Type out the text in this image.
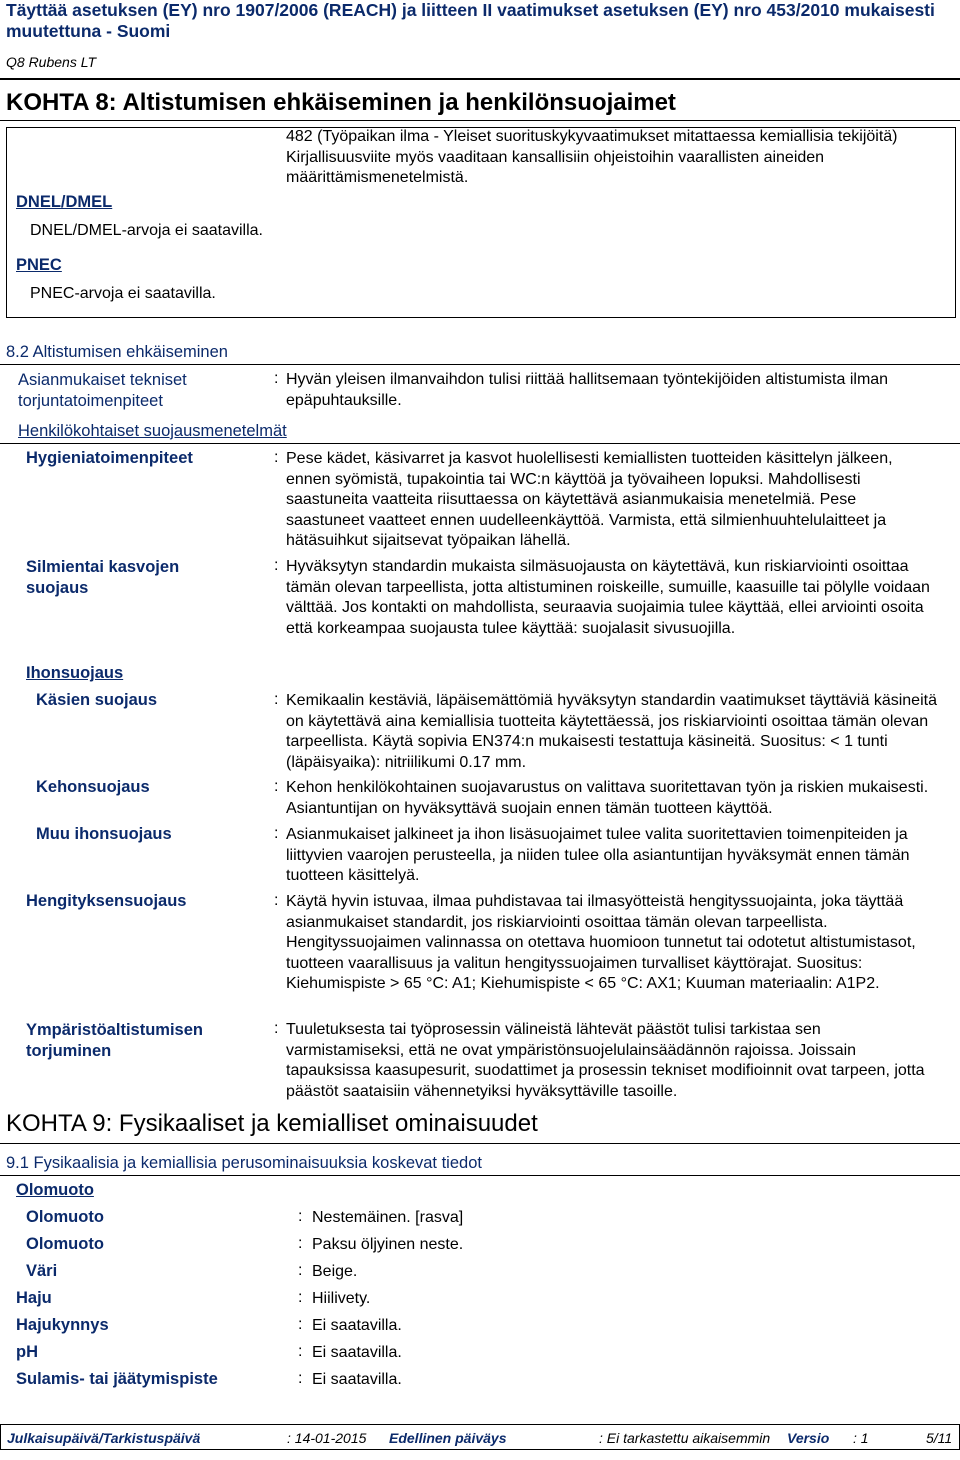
Täyttää asetuksen (EY) nro 1907/2006 (REACH) ja liitteen II vaatimukset asetuksen (EY) nro 453/2010 mukaisesti muutettuna - Suomi
Q8 Rubens LT
KOHTA 8: Altistumisen ehkäiseminen ja henkilönsuojaimet
482 (Työpaikan ilma - Yleiset suorituskykyvaatimukset mitattaessa kemiallisia tekijöitä) Kirjallisuusviite myös vaaditaan kansallisiin ohjeistoihin vaarallisten aineiden määrittämismenetelmistä.
DNEL/DMEL
DNEL/DMEL-arvoja ei saatavilla.
PNEC
PNEC-arvoja ei saatavilla.
8.2 Altistumisen ehkäiseminen
Asianmukaiset tekniset torjuntatoimenpiteet
: Hyvän yleisen ilmanvaihdon tulisi riittää hallitsemaan työntekijöiden altistumista ilman epäpuhtauksille.
Henkilökohtaiset suojausmenetelmät
Hygieniatoimenpiteet	: Pese kädet, käsivarret ja kasvot huolellisesti kemiallisten tuotteiden käsittelyn jälkeen, ennen syömistä, tupakointia tai WC:n käyttöä ja työvaiheen lopuksi. Mahdollisesti saastuneita vaatteita riisuttaessa on käytettävä asianmukaisia menetelmiä. Pese saastuneet vaatteet ennen uudelleenkäyttöä. Varmista, että silmienhuuhtelulaitteet ja hätäsuihkut sijaitsevat työpaikan lähellä.
Silmientai kasvojen suojaus
: Hyväksytyn standardin mukaista silmäsuojausta on käytettävä, kun riskiarviointi osoittaa tämän olevan tarpeellista, jotta altistuminen roiskeille, sumuille, kaasuille tai pölylle voidaan välttää. Jos kontakti on mahdollista, seuraavia suojaimia tulee käyttää, ellei arviointi osoita että korkeampaa suojausta tulee käyttää: suojalasit sivusuojilla.
Ihonsuojaus
Käsien suojaus	: Kemikaalin kestäviä, läpäisemättömiä hyväksytyn standardin vaatimukset täyttäviä käsineitä on käytettävä aina kemiallisia tuotteita käytettäessä, jos riskiarviointi osoittaa tämän olevan tarpeellista. Käytä sopivia EN374:n mukaisesti testattuja käsineitä. Suositus: < 1 tunti (läpäisyaika): nitriilikumi 0.17 mm.
Kehonsuojaus	: Kehon henkilökohtainen suojavarustus on valittava suoritettavan työn ja riskien mukaisesti. Asiantuntijan on hyväksyttävä suojain ennen tämän tuotteen käyttöä.
Muu ihonsuojaus	: Asianmukaiset jalkineet ja ihon lisäsuojaimet tulee valita suoritettavien toimenpiteiden ja liittyvien vaarojen perusteella, ja niiden tulee olla asiantuntijan hyväksymät ennen tämän tuotteen käsittelyä.
Hengityksensuojaus	: Käytä hyvin istuvaa, ilmaa puhdistavaa tai ilmasyötteistä hengityssuojainta, joka täyttää asianmukaiset standardit, jos riskiarviointi osoittaa tämän olevan tarpeellista. Hengityssuojaimen valinnassa on otettava huomioon tunnetut tai odotetut altistumistasot, tuotteen vaarallisuus ja valitun hengityssuojaimen turvalliset käyttörajat. Suositus: Kiehumispiste > 65 °C: A1; Kiehumispiste < 65 °C: AX1; Kuuman materiaalin: A1P2.
Ympäristöaltistumisen torjuminen
: Tuuletuksesta tai työprosessin välineistä lähtevät päästöt tulisi tarkistaa sen varmistamiseksi, että ne ovat ympäristönsuojelulainsäädännön rajoissa. Joissain tapauksissa kaasupesurit, suodattimet ja prosessin tekniset modifioinnit ovat tarpeen, jotta päästöt saataisiin vähennetyiksi hyväksyttäville tasoille.
KOHTA 9: Fysikaaliset ja kemialliset ominaisuudet
9.1 Fysikaalisia ja kemiallisia perusominaisuuksia koskevat tiedot
Olomuoto
Olomuoto	: Nestemäinen. [rasva]
Olomuoto	: Paksu öljyinen neste.
Väri	: Beige.
Haju	: Hiilivety.
Hajukynnys	: Ei saatavilla.
pH	: Ei saatavilla.
Sulamis- tai jäätymispiste	: Ei saatavilla.
Julkaisupäivä/Tarkistuspäivä	: 14-01-2015 Edellinen päiväys	: Ei tarkastettu aikaisemmin Versio : 1	5/11
